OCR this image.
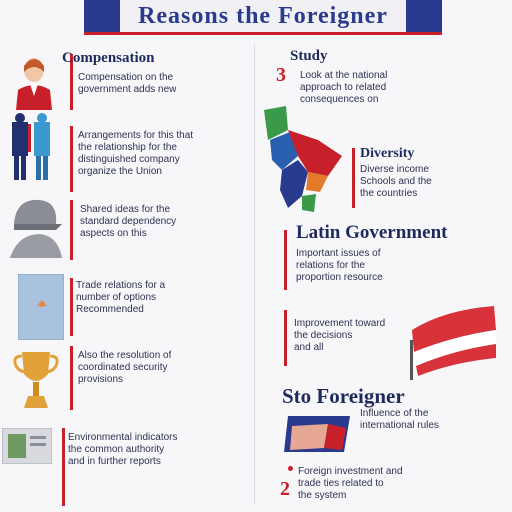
Reasons the Foreigner
Compensation
Compensation on the
government adds new
Arrangements for this that
the relationship for the
distinguished company
organize the Union
Shared ideas for the
standard dependency
aspects on this
Trade relations for a
number of options
Recommended
Also the resolution of
coordinated security
provisions
Environmental indicators
the common authority
and in further reports
3
Study
Look at the national
approach to related
consequences on
Diversity
Diverse income
Schools and the
the countries
Latin Government
Important issues of
relations for the
proportion resource
Improvement toward
the decisions
and all
Sto Foreigner
Influence of the
international rules
2
Foreign investment and
trade ties related to
the system
